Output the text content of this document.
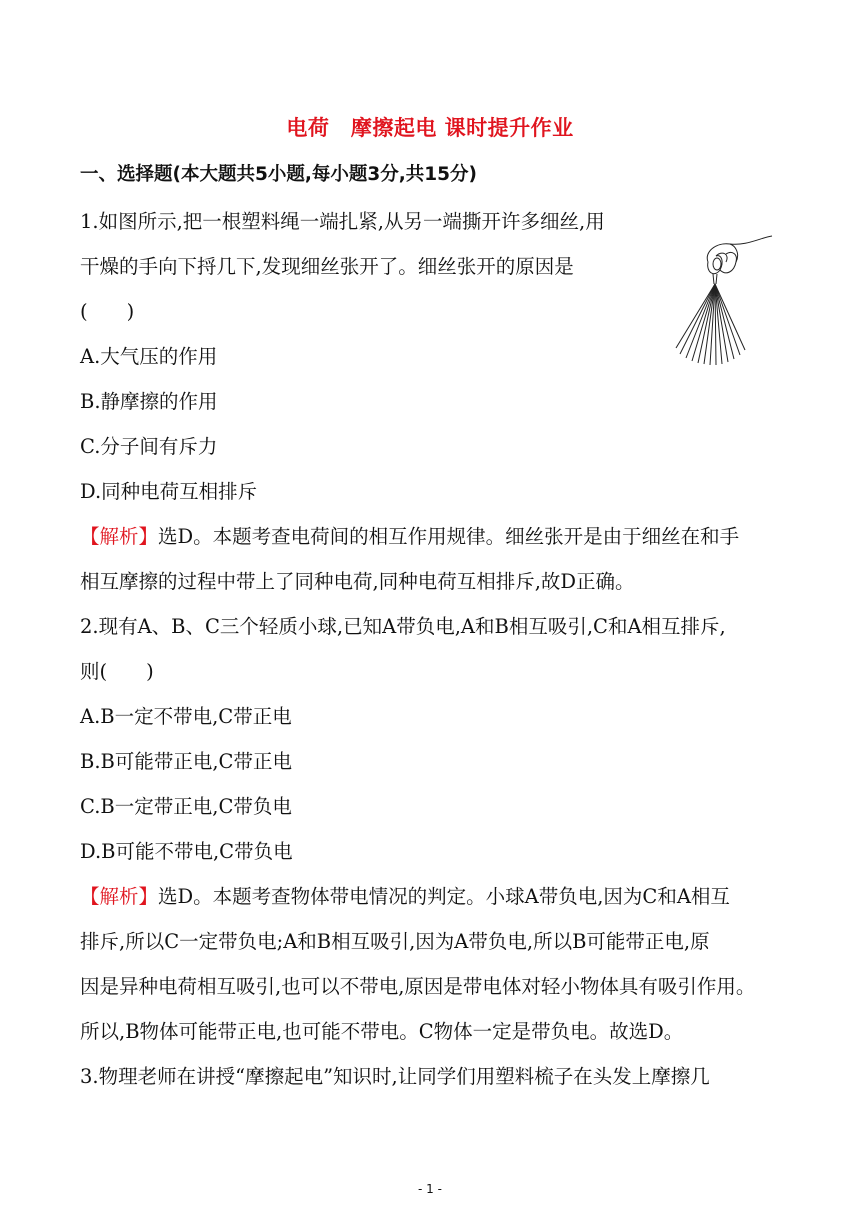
电荷　摩擦起电 课时提升作业
一、选择题(本大题共5小题,每小题3分,共15分)
1.如图所示,把一根塑料绳一端扎紧,从另一端撕开许多细丝,用
干燥的手向下捋几下,发现细丝张开了。细丝张开的原因是
(　　)
A.大气压的作用
B.静摩擦的作用
C.分子间有斥力
D.同种电荷互相排斥
【解析】选D。本题考查电荷间的相互作用规律。细丝张开是由于细丝在和手
相互摩擦的过程中带上了同种电荷,同种电荷互相排斥,故D正确。
2.现有A、B、C三个轻质小球,已知A带负电,A和B相互吸引,C和A相互排斥,
则(　　)
A.B一定不带电,C带正电
B.B可能带正电,C带正电
C.B一定带正电,C带负电
D.B可能不带电,C带负电
【解析】选D。本题考查物体带电情况的判定。小球A带负电,因为C和A相互
排斥,所以C一定带负电;A和B相互吸引,因为A带负电,所以B可能带正电,原
因是异种电荷相互吸引,也可以不带电,原因是带电体对轻小物体具有吸引作用。
所以,B物体可能带正电,也可能不带电。C物体一定是带负电。故选D。
3.物理老师在讲授“摩擦起电”知识时,让同学们用塑料梳子在头发上摩擦几
- 1 -
